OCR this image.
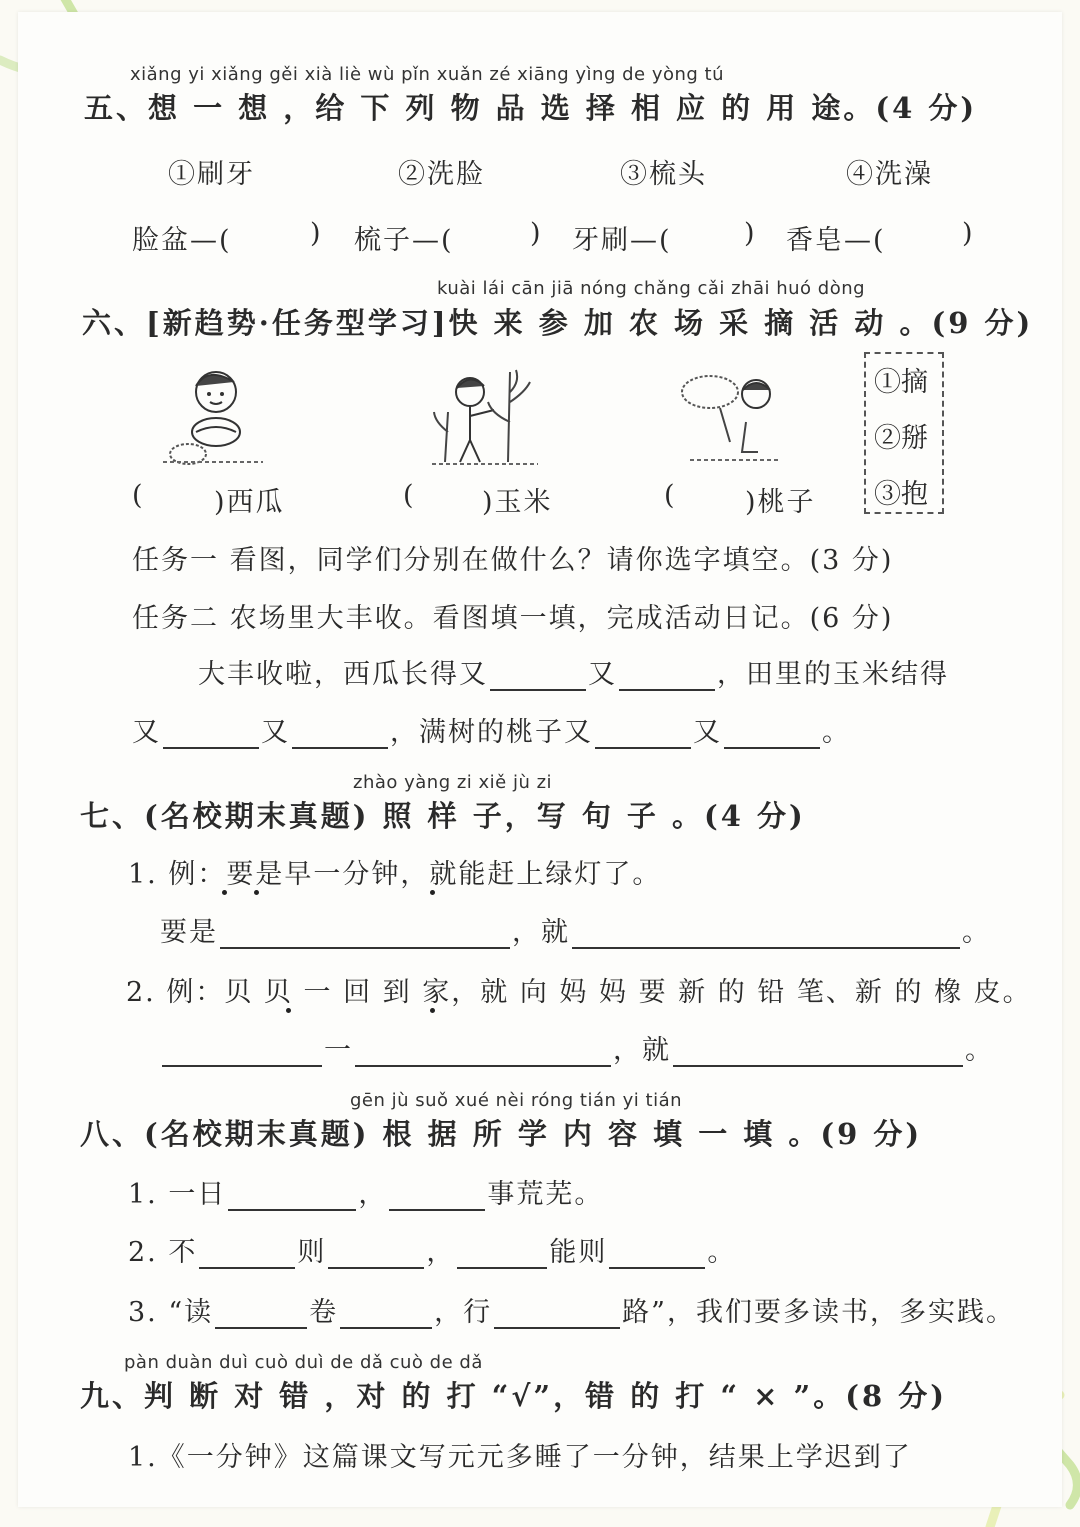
xiǎng yi xiǎng gěi xià liè wù pǐn xuǎn zé xiāng yìng de yòng tú
五、想 一 想 ，给 下 列 物 品 选 择 相 应 的 用 途。(4 分)
①刷牙	②洗脸	③梳头	④洗澡
脸盆—(	) 梳子—(	) 牙刷—(	) 香皂—(	)
kuài lái cān jiā nóng chǎng cǎi zhāi huó dòng
六、[新趋势·任务型学习]快 来 参 加 农 场 采 摘 活 动 。(9 分)
(	)西瓜	( )玉米	(	)桃子
①摘
②掰
③抱
任务一 看图，同学们分别在做什么？请你选字填空。(3 分)
任务二 农场里大丰收。看图填一填，完成活动日记。(6 分)
大丰收啦，西瓜长得又	又	，田里的玉米结得
又	又	，满树的桃子又	又	。
zhào yàng zi xiě jù zi
七、(名校期末真题) 照 样 子，写 句 子 。(4 分)
1. 例：要是早一分钟，就能赶上绿灯了。
要是	，就	。
2. 例：贝 贝 一 回 到 家，就 向 妈 妈 要 新 的 铅 笔、新 的 橡 皮。
一	，就	。
gēn jù suǒ xué nèi róng tián yi tián
八、(名校期末真题) 根 据 所 学 内 容 填 一 填 。(9 分)
1. 一日	，	事荒芜。
2. 不	则	，	能则	。
3. “读	卷	，行	路”，我们要多读书，多实践。
pàn duàn duì cuò duì de dǎ cuò de dǎ
九、判 断 对 错 ，对 的 打 “√”，错 的 打 “ × ”。(8 分)
1.《一分钟》这篇课文写元元多睡了一分钟，结果上学迟到了
